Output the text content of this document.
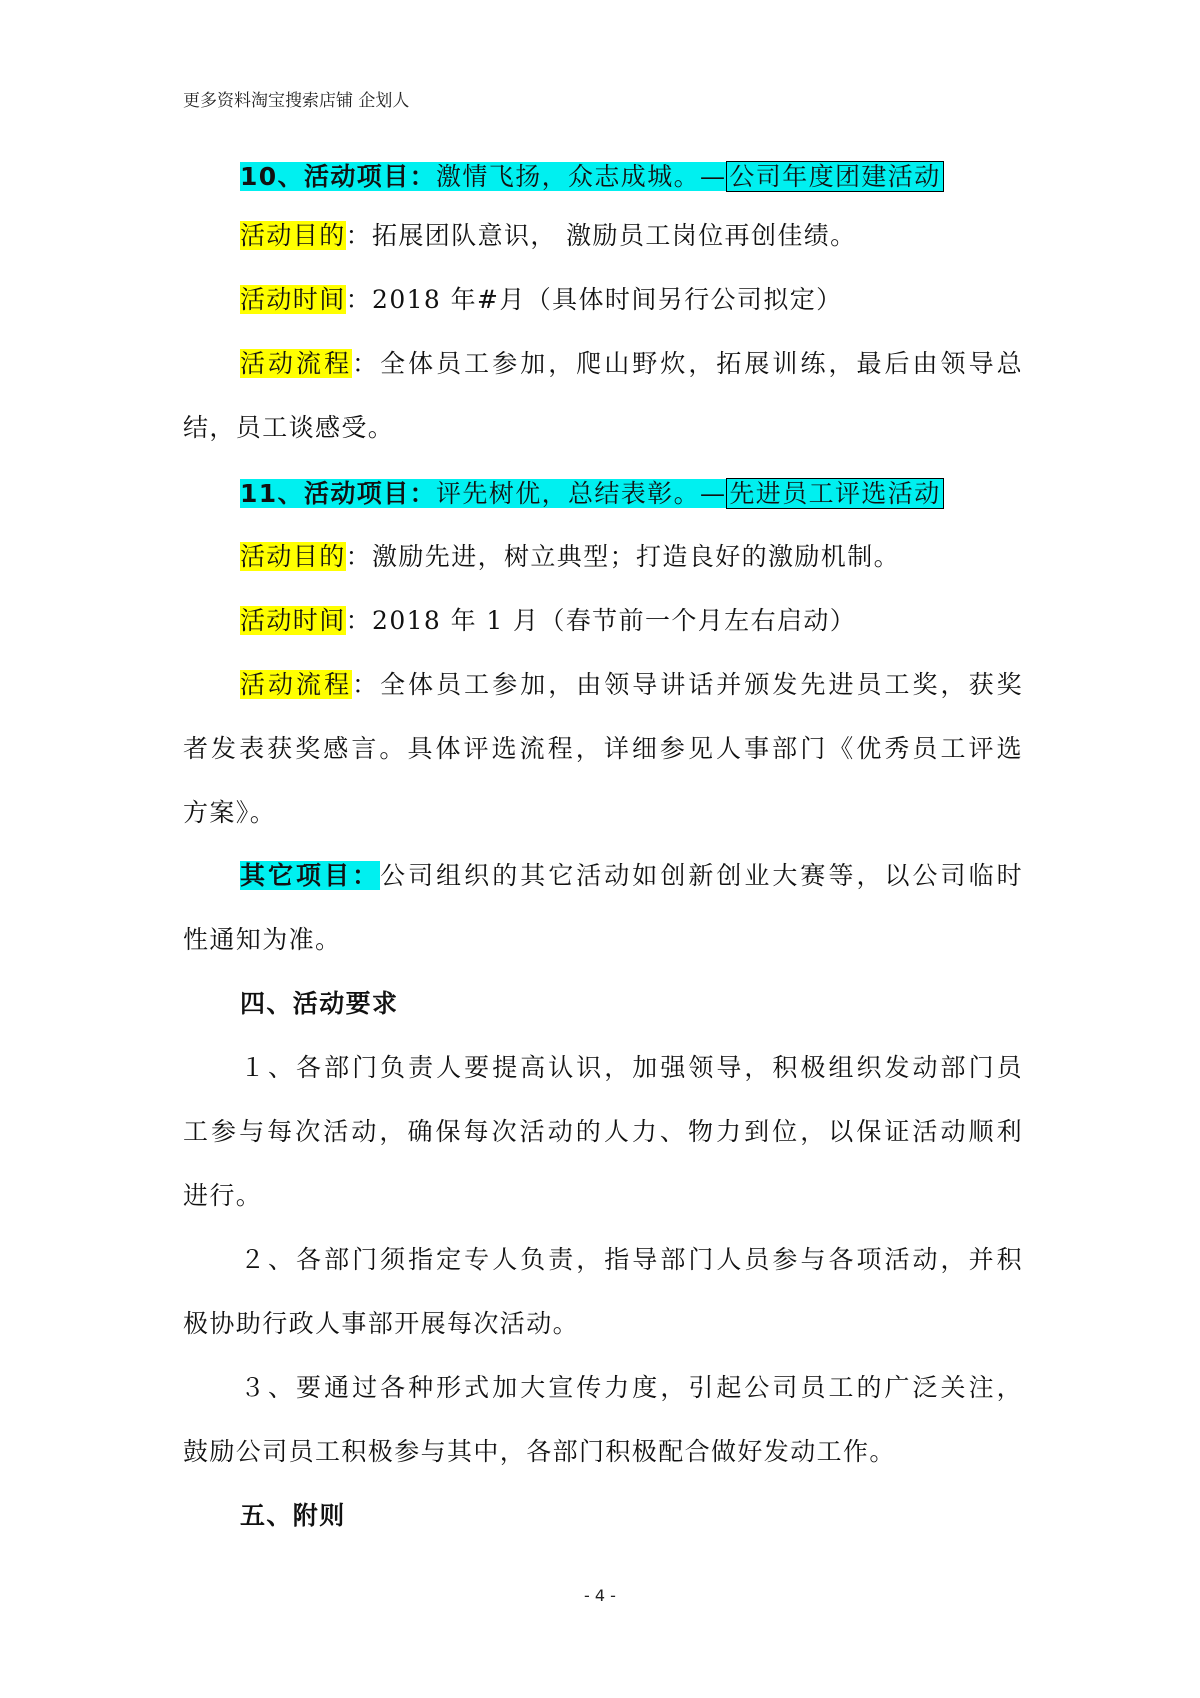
更多资料淘宝搜索店铺 企划人
10、活动项目：激情飞扬，众志成城。— 公司年度团建活动
活动目的：拓展团队意识， 激励员工岗位再创佳绩。
活动时间：2018 年#月（具体时间另行公司拟定）
活动流程：全体员工参加，爬山野炊，拓展训练，最后由领导总
结，员工谈感受。
11、活动项目：评先树优，总结表彰。— 先进员工评选活动
活动目的：激励先进，树立典型；打造良好的激励机制。
活动时间：2018 年 1 月（春节前一个月左右启动）
活动流程：全体员工参加，由领导讲话并颁发先进员工奖，获奖
者发表获奖感言。具体评选流程，详细参见人事部门《优秀员工评选
方案》。
其它项目：公司组织的其它活动如创新创业大赛等，以公司临时
性通知为准。
四、活动要求
１、各部门负责人要提高认识，加强领导，积极组织发动部门员
工参与每次活动，确保每次活动的人力、物力到位，以保证活动顺利
进行。
２、各部门须指定专人负责，指导部门人员参与各项活动，并积
极协助行政人事部开展每次活动。
３、要通过各种形式加大宣传力度，引起公司员工的广泛关注，
鼓励公司员工积极参与其中，各部门积极配合做好发动工作。
五、附则
- 4 -
